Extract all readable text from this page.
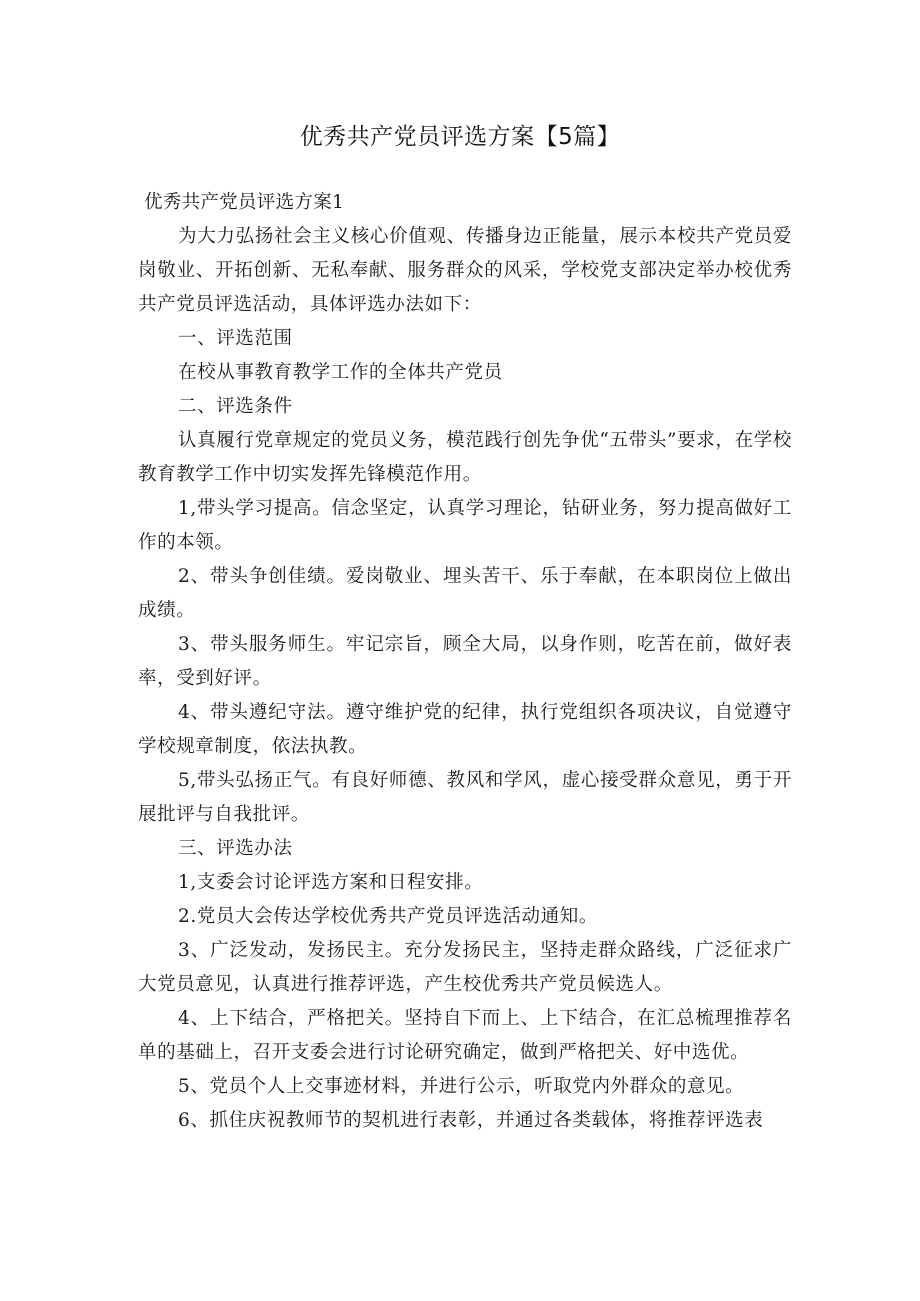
优秀共产党员评选方案【5篇】

优秀共产党员评选方案1

为大力弘扬社会主义核心价值观、传播身边正能量，展示本校共产党员爱岗敬业、开拓创新、无私奉献、服务群众的风采，学校党支部决定举办校优秀共产党员评选活动，具体评选办法如下：

一、评选范围

在校从事教育教学工作的全体共产党员

二、评选条件

认真履行党章规定的党员义务，模范践行创先争优“五带头”要求，在学校教育教学工作中切实发挥先锋模范作用。

1,带头学习提高。信念坚定，认真学习理论，钻研业务，努力提高做好工作的本领。

2、带头争创佳绩。爱岗敬业、埋头苦干、乐于奉献，在本职岗位上做出成绩。

3、带头服务师生。牢记宗旨，顾全大局，以身作则，吃苦在前，做好表率，受到好评。

4、带头遵纪守法。遵守维护党的纪律，执行党组织各项决议，自觉遵守学校规章制度，依法执教。

5,带头弘扬正气。有良好师德、教风和学风，虚心接受群众意见，勇于开展批评与自我批评。

三、评选办法

1,支委会讨论评选方案和日程安排。

2.党员大会传达学校优秀共产党员评选活动通知。

3、广泛发动，发扬民主。充分发扬民主，坚持走群众路线，广泛征求广大党员意见，认真进行推荐评选，产生校优秀共产党员候选人。

4、上下结合，严格把关。坚持自下而上、上下结合，在汇总梳理推荐名单的基础上，召开支委会进行讨论研究确定，做到严格把关、好中选优。

5、党员个人上交事迹材料，并进行公示，听取党内外群众的意见。

6、抓住庆祝教师节的契机进行表彰，并通过各类载体，将推荐评选表
